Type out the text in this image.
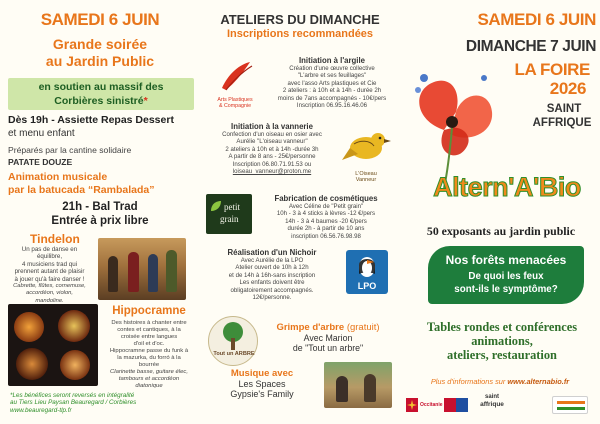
SAMEDI 6 JUIN
Grande soirée
au Jardin Public
en soutien au massif des
Corbières sinistré*
Dès 19h - Assiette Repas Dessert
et menu enfant
Préparés par la cantine solidaire
PATATE DOUZE
Animation musicale
par la batucada “Rambalada”
21h - Bal Trad
Entrée à prix libre
Tindelon
Un pas de danse en
équilibre,
4 musiciens trad qui
prennent autant de plaisir
à jouer qu'à faire danser !
Cabrette, flûtes, cornemuse,
accordéon, violon,
mandoline.
Hippocramne
Des histoires à chanter entre
contes et cantiques, à la
croisée entre langues
d'oil et d'oc.
Hippocramne passe du funk à
la mazurka, du forró à la
bourrée
Clarinette basse, guitare élec,
tambours et accordéon
diatonique
*Les bénéfices seront reversés en intégralité
au Tiers Lieu Paysan Beauregard / Corbières
www.beauregard-tlp.fr
ATELIERS DU DIMANCHE
Inscriptions recommandées
Arts Plastiques
& Compagnie
Initiation à l'argile
Création d'une œuvre collective
"L'arbre et ses feuillages"
avec l'asso Arts plastiques et Cie
2 ateliers : à 10h et à 14h - durée 2h
moins de 7ans accompagnés - 10€/pers
Inscription 06.95.16.46.06
Initiation à la vannerie
Confection d'un oiseau en osier avec
Aurélie "L'oiseau vanneur"
2 ateliers à 10h et à 14h -durée 3h
A partir de 8 ans - 25€/personne
Inscription 06.80.71.91.53 ou
loiseau_vanneur@proton.me	L'Oiseau
Vanneur
petit
grain
Fabrication de cosmétiques
Avec Céline de "Petit grain"
10h - 3 à 4 sticks à lèvres -12 €/pers
14h - 3 à 4 baumes -20 €/pers
durée 2h - à partir de 10 ans
inscription 06.56.76.98.98
Réalisation d'un Nichoir
Avec Aurélie de la LPO
Atelier ouvert de 10h à 12h
et de 14h à 16h-sans inscription
Les enfants doivent être
obligatoirement accompagnés.
12€/personne.
LPO
Tout un ARBRE
Grimpe d'arbre (gratuit)
Avec Marion
de "Tout un arbre"
Musique avec
Les Spaces
Gypsie's Family
SAMEDI 6 JUIN
DIMANCHE 7 JUIN
LA FOIRE
2026
SAINT
AFFRIQUE
Altern'A'Bio
50 exposants au jardin public
Nos forêts menacées
De quoi les feux
sont-ils le symptôme?
Tables rondes et conférences
animations,
ateliers, restauration
Plus d'informations sur www.alternabio.fr
Occitanie
saint
affrique
